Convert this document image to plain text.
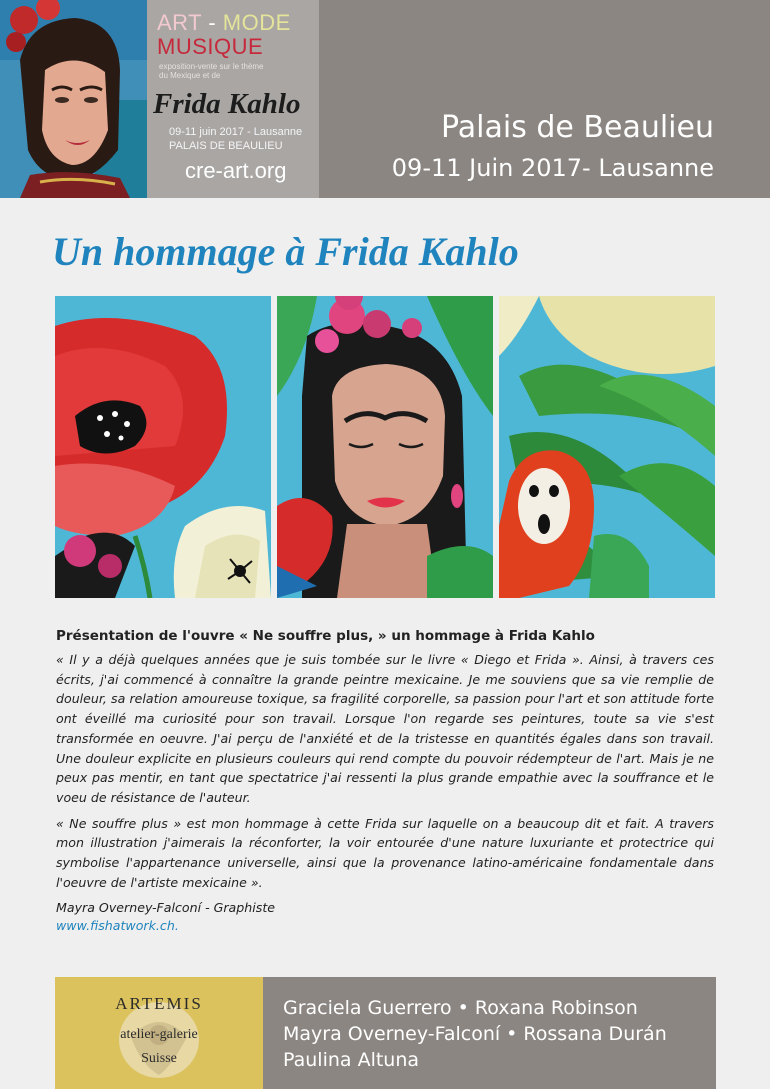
ART - MODE
MUSIQUE
exposition-vente sur le thème
du Mexique et de
Frida Kahlo
09-11 juin 2017 - Lausanne
PALAIS DE BEAULIEU
cre-art.org
Palais de Beaulieu
09-11 Juin 2017- Lausanne
Un hommage à Frida Kahlo
Présentation de l'ouvre « Ne souffre plus, » un hommage à Frida Kahlo

« Il y a déjà quelques années que je suis tombée sur le livre « Diego et Frida ». Ainsi, à travers ces écrits, j'ai commencé à connaître la grande peintre mexicaine. Je me souviens que sa vie remplie de douleur, sa relation amoureuse toxique, sa fragilité corporelle, sa passion pour l'art et son attitude forte ont éveillé ma curiosité pour son travail. Lorsque l'on regarde ses peintures, toute sa vie s'est transformée en oeuvre. J'ai perçu de l'anxiété et de la tristesse en quantités égales dans son travail. Une douleur explicite en plusieurs couleurs qui rend compte du pouvoir rédempteur de l'art. Mais je ne peux pas mentir, en tant que spectatrice j'ai ressenti la plus grande empathie avec la souffrance et le voeu de résistance de l'auteur.

« Ne souffre plus » est mon hommage à cette Frida sur laquelle on a beaucoup dit et fait. A travers mon illustration j'aimerais la réconforter, la voir entourée d'une nature luxuriante et protectrice qui symbolise l'appartenance universelle, ainsi que la provenance latino-américaine fondamentale dans l'oeuvre de l'artiste mexicaine ».

Mayra Overney-Falconí - Graphiste
www.fishatwork.ch.
ARTEMIS
atelier-galerie
Suisse
Graciela Guerrero • Roxana Robinson
Mayra Overney-Falconí • Rossana Durán
Paulina Altuna
